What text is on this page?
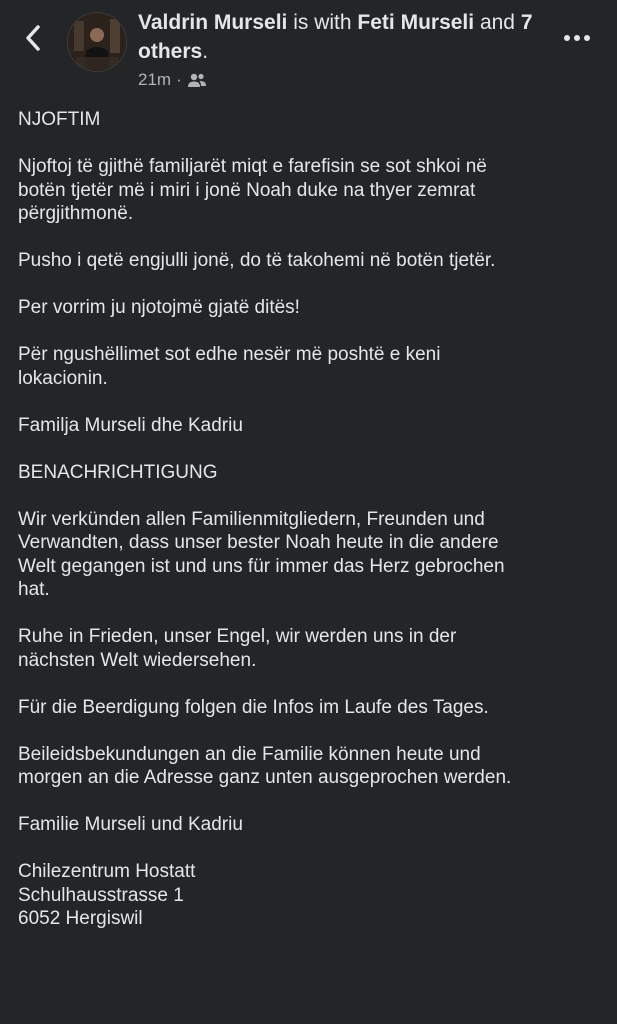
Valdrin Murseli is with Feti Murseli and 7 others.
21m ·

NJOFTIM

Njoftoj të gjithë familjarët miqt e farefisin se sot shkoi në
botën tjetër më i miri i jonë Noah duke na thyer zemrat
përgjithmonë.

Pusho i qetë engjulli jonë, do të takohemi në botën tjetër.

Per vorrim ju njotojmë gjatë ditës!

Për ngushëllimet sot edhe nesër më poshtë e keni
lokacionin.

Familja Murseli dhe Kadriu

BENACHRICHTIGUNG

Wir verkünden allen Familienmitgliedern, Freunden und
Verwandten, dass unser bester Noah heute in die andere
Welt gegangen ist und uns für immer das Herz gebrochen
hat.

Ruhe in Frieden, unser Engel, wir werden uns in der
nächsten Welt wiedersehen.

Für die Beerdigung folgen die Infos im Laufe des Tages.

Beileidsbekundungen an die Familie können heute und
morgen an die Adresse ganz unten ausgeprochen werden.

Familie Murseli und Kadriu

Chilezentrum Hostatt
Schulhausstrasse 1
6052 Hergiswil
